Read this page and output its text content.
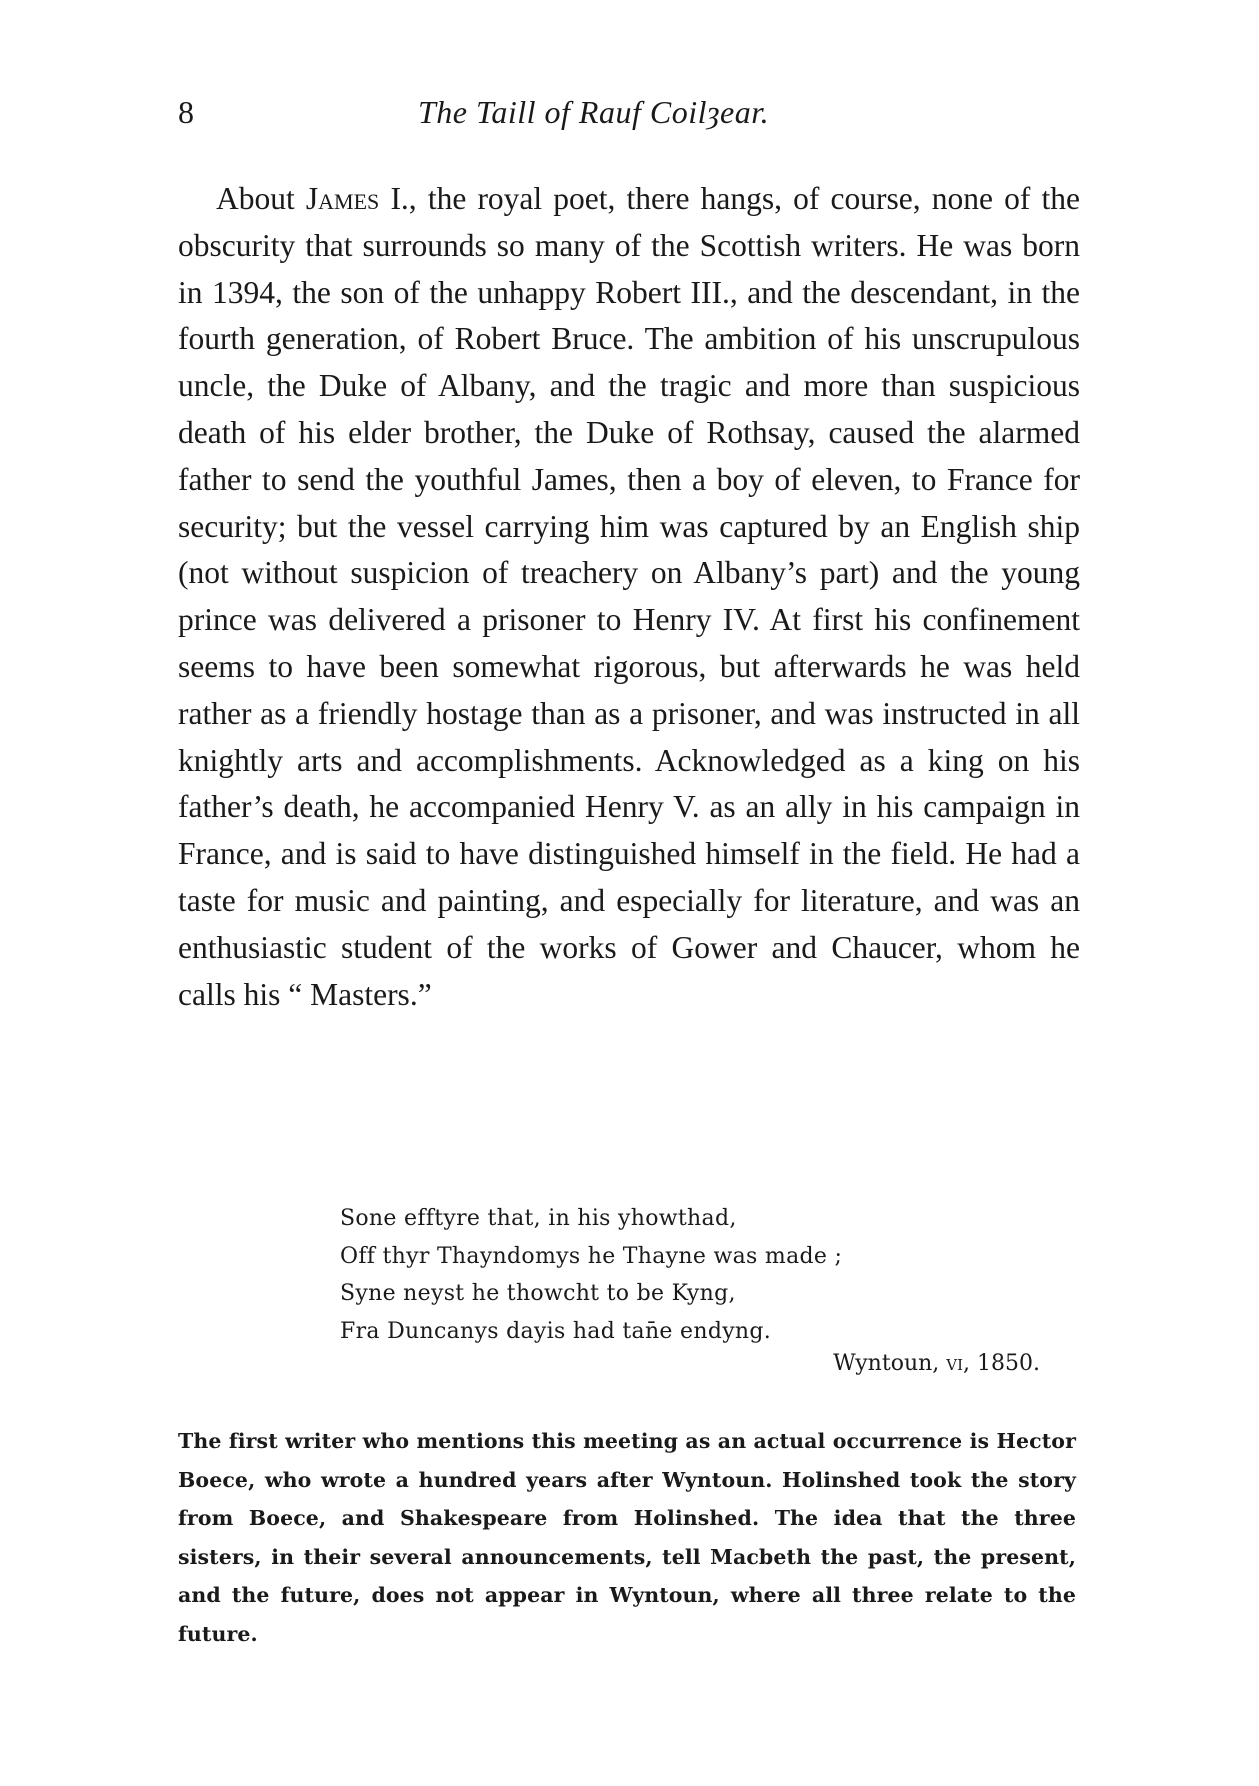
8	The Taill of Rauf Coilȝear.

About James I., the royal poet, there hangs, of course, none of the obscurity that surrounds so many of the Scottish writers. He was born in 1394, the son of the unhappy Robert III., and the descendant, in the fourth generation, of Robert Bruce. The ambition of his unscrupulous uncle, the Duke of Albany, and the tragic and more than suspicious death of his elder brother, the Duke of Rothsay, caused the alarmed father to send the youthful James, then a boy of eleven, to France for security; but the vessel carrying him was captured by an English ship (not without suspicion of treachery on Albany’s part) and the young prince was delivered a prisoner to Henry IV. At first his confinement seems to have been somewhat rigorous, but afterwards he was held rather as a friendly hostage than as a prisoner, and was instructed in all knightly arts and accomplishments. Acknowledged as a king on his father’s death, he accompanied Henry V. as an ally in his campaign in France, and is said to have distinguished himself in the field. He had a taste for music and painting, and especially for literature, and was an enthusiastic student of the works of Gower and Chaucer, whom he calls his “ Masters.”

Sone efftyre that, in his yhowthad,
Off thyr Thayndomys he Thayne was made ;
Syne neyst he thowcht to be Kyng,
Fra Duncanys dayis had tan̄e endyng.
Wyntoun, vi, 1850.

The first writer who mentions this meeting as an actual occurrence is Hector Boece, who wrote a hundred years after Wyntoun. Holinshed took the story from Boece, and Shakespeare from Holinshed. The idea that the three sisters, in their several announcements, tell Macbeth the past, the present, and the future, does not appear in Wyntoun, where all three relate to the future.
